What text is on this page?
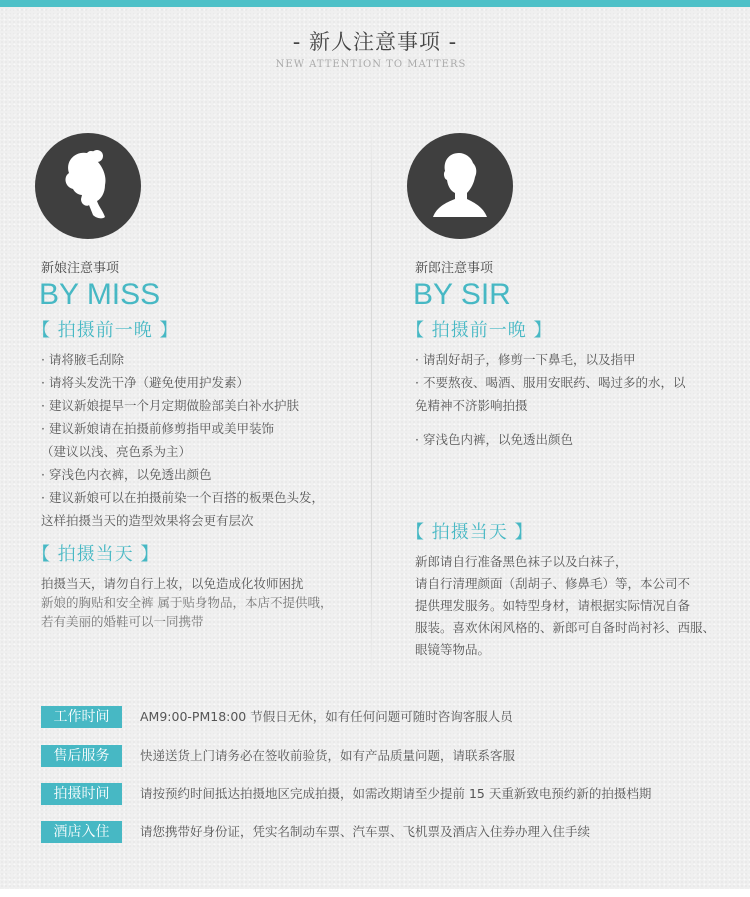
- 新人注意事项 -
NEW ATTENTION TO MATTERS
新娘注意事项
BY MISS
【 拍摄前一晚 】
· 请将腋毛刮除
· 请将头发洗干净（避免使用护发素）
· 建议新娘提早一个月定期做脸部美白补水护肤
· 建议新娘请在拍摄前修剪指甲或美甲装饰
（建议以浅、亮色系为主）
· 穿浅色内衣裤，以免透出颜色
· 建议新娘可以在拍摄前染一个百搭的板栗色头发，
这样拍摄当天的造型效果将会更有层次
【 拍摄当天 】
拍摄当天，请勿自行上妆，以免造成化妆师困扰
新娘的胸贴和安全裤 属于贴身物品，本店不提供哦，
若有美丽的婚鞋可以一同携带
新郎注意事项
BY SIR
【 拍摄前一晚 】
· 请刮好胡子，修剪一下鼻毛，以及指甲
· 不要熬夜、喝酒、服用安眠药、喝过多的水，以
免精神不济影响拍摄
· 穿浅色内裤，以免透出颜色
【 拍摄当天 】
新郎请自行准备黑色袜子以及白袜子，
请自行清理颜面（刮胡子、修鼻毛）等，本公司不
提供理发服务。如特型身材，请根据实际情况自备
服装。喜欢休闲风格的、新郎可自备时尚衬衫、西服、
眼镜等物品。
工作时间	AM9:00-PM18:00 节假日无休，如有任何问题可随时咨询客服人员
售后服务	快递送货上门请务必在签收前验货，如有产品质量问题，请联系客服
拍摄时间	请按预约时间抵达拍摄地区完成拍摄，如需改期请至少提前 15 天重新致电预约新的拍摄档期
酒店入住	请您携带好身份证，凭实名制动车票、汽车票、飞机票及酒店入住券办理入住手续
